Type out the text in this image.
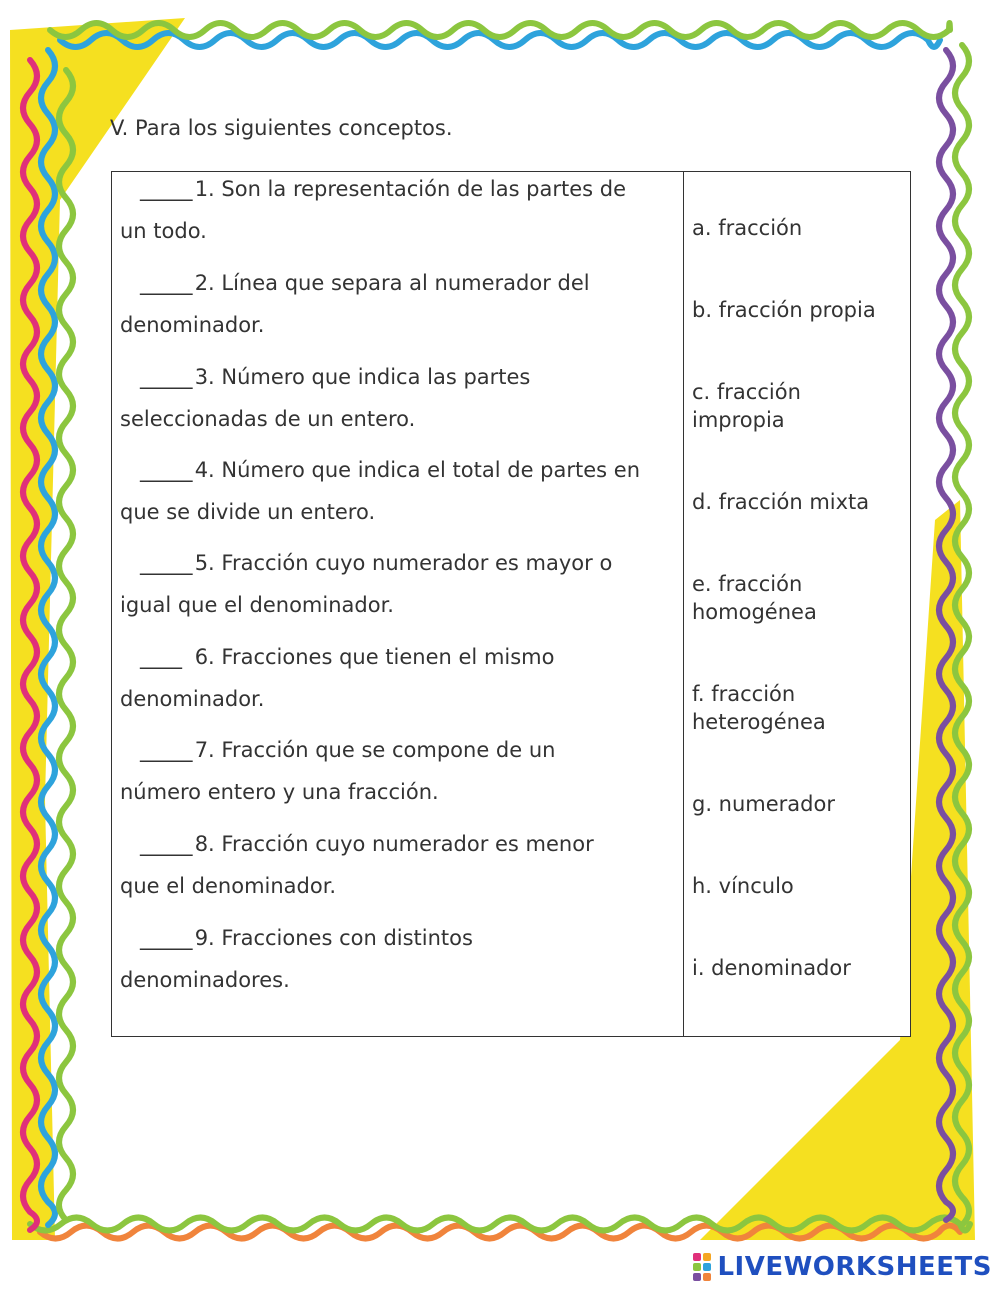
V. Para los siguientes conceptos.
_____ 1. Son la representación de las partes de
un todo.
_____ 2. Línea que separa al numerador del
denominador.
_____ 3. Número que indica las partes
seleccionadas de un entero.
_____ 4. Número que indica el total de partes en
que se divide un entero.
_____ 5. Fracción cuyo numerador es mayor o
igual que el denominador.
____ 6. Fracciones que tienen el mismo
denominador.
_____ 7. Fracción que se compone de un
número entero y una fracción.
_____ 8. Fracción cuyo numerador es menor
que el denominador.
_____ 9. Fracciones con distintos
denominadores.
a. fracción
b. fracción propia
c. fracción
impropia
d. fracción mixta
e. fracción
homogénea
f. fracción
heterogénea
g. numerador
h. vínculo
i. denominador
LIVEWORKSHEETS
